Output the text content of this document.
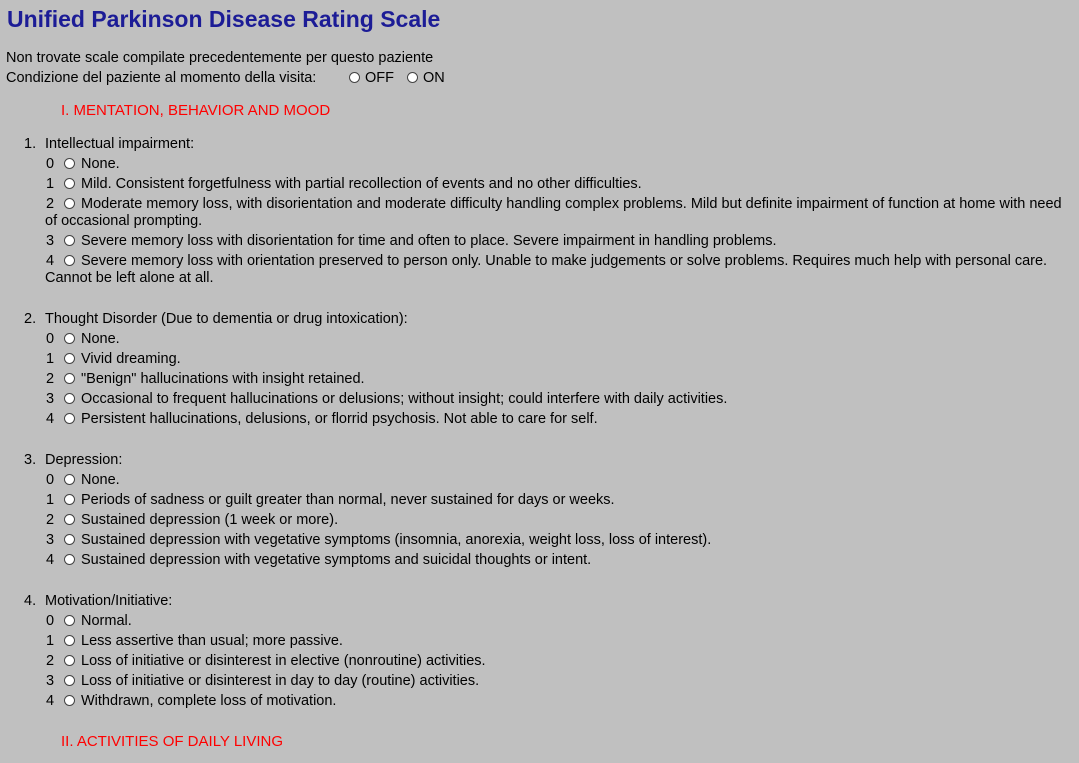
Unified Parkinson Disease Rating Scale
Non trovate scale compilate precedentemente per questo paziente
Condizione del paziente al momento della visita:	OFF ON
I. MENTATION, BEHAVIOR AND MOOD
1. Intellectual impairment:
0 None.
1 Mild. Consistent forgetfulness with partial recollection of events and no other difficulties.
2	Moderate memory loss, with disorientation and moderate difficulty handling complex problems. Mild but definite impairment of function at home with need of occasional prompting.
3 Severe memory loss with disorientation for time and often to place. Severe impairment in handling problems.
4	Severe memory loss with orientation preserved to person only. Unable to make judgements or solve problems. Requires much help with personal care. Cannot be left alone at all.
2. Thought Disorder (Due to dementia or drug intoxication):
0 None.
1 Vivid dreaming.
2 "Benign" hallucinations with insight retained.
3 Occasional to frequent hallucinations or delusions; without insight; could interfere with daily activities.
4 Persistent hallucinations, delusions, or florrid psychosis. Not able to care for self.
3. Depression:
0 None.
1 Periods of sadness or guilt greater than normal, never sustained for days or weeks.
2 Sustained depression (1 week or more).
3 Sustained depression with vegetative symptoms (insomnia, anorexia, weight loss, loss of interest).
4 Sustained depression with vegetative symptoms and suicidal thoughts or intent.
4. Motivation/Initiative:
0 Normal.
1 Less assertive than usual; more passive.
2 Loss of initiative or disinterest in elective (nonroutine) activities.
3 Loss of initiative or disinterest in day to day (routine) activities.
4 Withdrawn, complete loss of motivation.
II. ACTIVITIES OF DAILY LIVING
